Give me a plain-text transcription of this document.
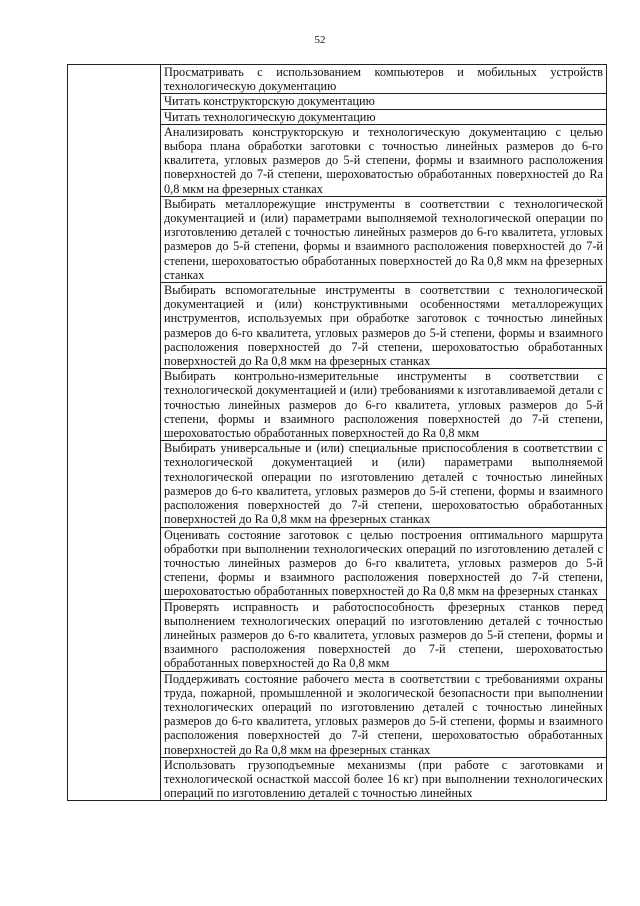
52

Просматривать с использованием компьютеров и мобильных устройств технологическую документацию

Читать конструкторскую документацию

Читать технологическую документацию

Анализировать конструкторскую и технологическую документацию с целью выбора плана обработки заготовки с точностью линейных размеров до 6-го квалитета, угловых размеров до 5-й степени, формы и взаимного расположения поверхностей до 7-й степени, шероховатостью обработанных поверхностей до Ra 0,8 мкм на фрезерных станках

Выбирать металлорежущие инструменты в соответствии с технологической документацией и (или) параметрами выполняемой технологической операции по изготовлению деталей с точностью линейных размеров до 6-го квалитета, угловых размеров до 5-й степени, формы и взаимного расположения поверхностей до 7-й степени, шероховатостью обработанных поверхностей до Ra 0,8 мкм на фрезерных станках

Выбирать вспомогательные инструменты в соответствии с технологической документацией и (или) конструктивными особенностями металлорежущих инструментов, используемых при обработке заготовок с точностью линейных размеров до 6-го квалитета, угловых размеров до 5-й степени, формы и взаимного расположения поверхностей до 7-й степени, шероховатостью обработанных поверхностей до Ra 0,8 мкм на фрезерных станках

Выбирать контрольно-измерительные инструменты в соответствии с технологической документацией и (или) требованиями к изготавливаемой детали с точностью линейных размеров до 6-го квалитета, угловых размеров до 5-й степени, формы и взаимного расположения поверхностей до 7-й степени, шероховатостью обработанных поверхностей до Ra 0,8 мкм

Выбирать универсальные и (или) специальные приспособления в соответствии с технологической документацией и (или) параметрами выполняемой технологической операции по изготовлению деталей с точностью линейных размеров до 6-го квалитета, угловых размеров до 5-й степени, формы и взаимного расположения поверхностей до 7-й степени, шероховатостью обработанных поверхностей до Ra 0,8 мкм на фрезерных станках

Оценивать состояние заготовок с целью построения оптимального маршрута обработки при выполнении технологических операций по изготовлению деталей с точностью линейных размеров до 6-го квалитета, угловых размеров до 5-й степени, формы и взаимного расположения поверхностей до 7-й степени, шероховатостью обработанных поверхностей до Ra 0,8 мкм на фрезерных станках

Проверять исправность и работоспособность фрезерных станков перед выполнением технологических операций по изготовлению деталей с точностью линейных размеров до 6-го квалитета, угловых размеров до 5-й степени, формы и взаимного расположения поверхностей до 7-й степени, шероховатостью обработанных поверхностей до Ra 0,8 мкм

Поддерживать состояние рабочего места в соответствии с требованиями охраны труда, пожарной, промышленной и экологической безопасности при выполнении технологических операций по изготовлению деталей с точностью линейных размеров до 6-го квалитета, угловых размеров до 5-й степени, формы и взаимного расположения поверхностей до 7-й степени, шероховатостью обработанных поверхностей до Ra 0,8 мкм на фрезерных станках

Использовать грузоподъемные механизмы (при работе с заготовками и технологической оснасткой массой более 16 кг) при выполнении технологических операций по изготовлению деталей с точностью линейных
